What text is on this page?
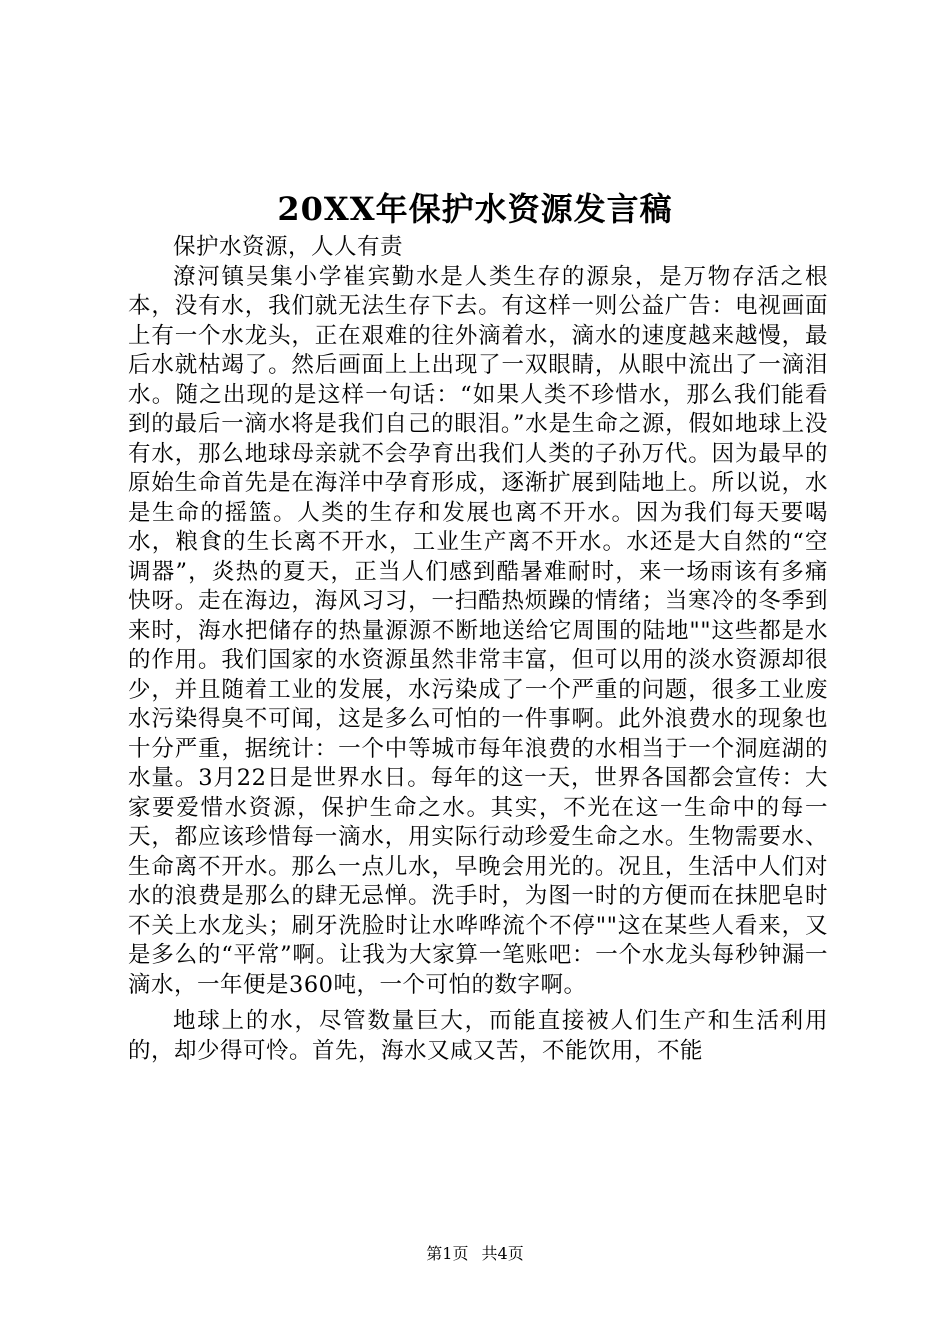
20XX年保护水资源发言稿

保护水资源，人人有责

潦河镇吴集小学崔宾勤水是人类生存的源泉，是万物存活之根本，没有水，我们就无法生存下去。有这样一则公益广告：电视画面上有一个水龙头，正在艰难的往外滴着水，滴水的速度越来越慢，最后水就枯竭了。然后画面上上出现了一双眼睛，从眼中流出了一滴泪水。随之出现的是这样一句话：“如果人类不珍惜水，那么我们能看到的最后一滴水将是我们自己的眼泪。”水是生命之源，假如地球上没有水，那么地球母亲就不会孕育出我们人类的子孙万代。因为最早的原始生命首先是在海洋中孕育形成，逐渐扩展到陆地上。所以说，水是生命的摇篮。人类的生存和发展也离不开水。因为我们每天要喝水，粮食的生长离不开水，工业生产离不开水。水还是大自然的“空调器”，炎热的夏天，正当人们感到酷暑难耐时，来一场雨该有多痛快呀。走在海边，海风习习，一扫酷热烦躁的情绪；当寒冷的冬季到来时，海水把储存的热量源源不断地送给它周围的陆地""这些都是水的作用。我们国家的水资源虽然非常丰富，但可以用的淡水资源却很少，并且随着工业的发展，水污染成了一个严重的问题，很多工业废水污染得臭不可闻，这是多么可怕的一件事啊。此外浪费水的现象也十分严重，据统计：一个中等城市每年浪费的水相当于一个洞庭湖的水量。3月22日是世界水日。每年的这一天，世界各国都会宣传：大家要爱惜水资源，保护生命之水。其实，不光在这一生命中的每一天，都应该珍惜每一滴水，用实际行动珍爱生命之水。生物需要水、生命离不开水。那么一点儿水，早晚会用光的。况且，生活中人们对水的浪费是那么的肆无忌惮。洗手时，为图一时的方便而在抹肥皂时不关上水龙头；刷牙洗脸时让水哗哗流个不停""这在某些人看来，又是多么的“平常”啊。让我为大家算一笔账吧：一个水龙头每秒钟漏一滴水，一年便是360吨，一个可怕的数字啊。

地球上的水，尽管数量巨大，而能直接被人们生产和生活利用的，却少得可怜。首先，海水又咸又苦，不能饮用，不能

第1页 共4页
